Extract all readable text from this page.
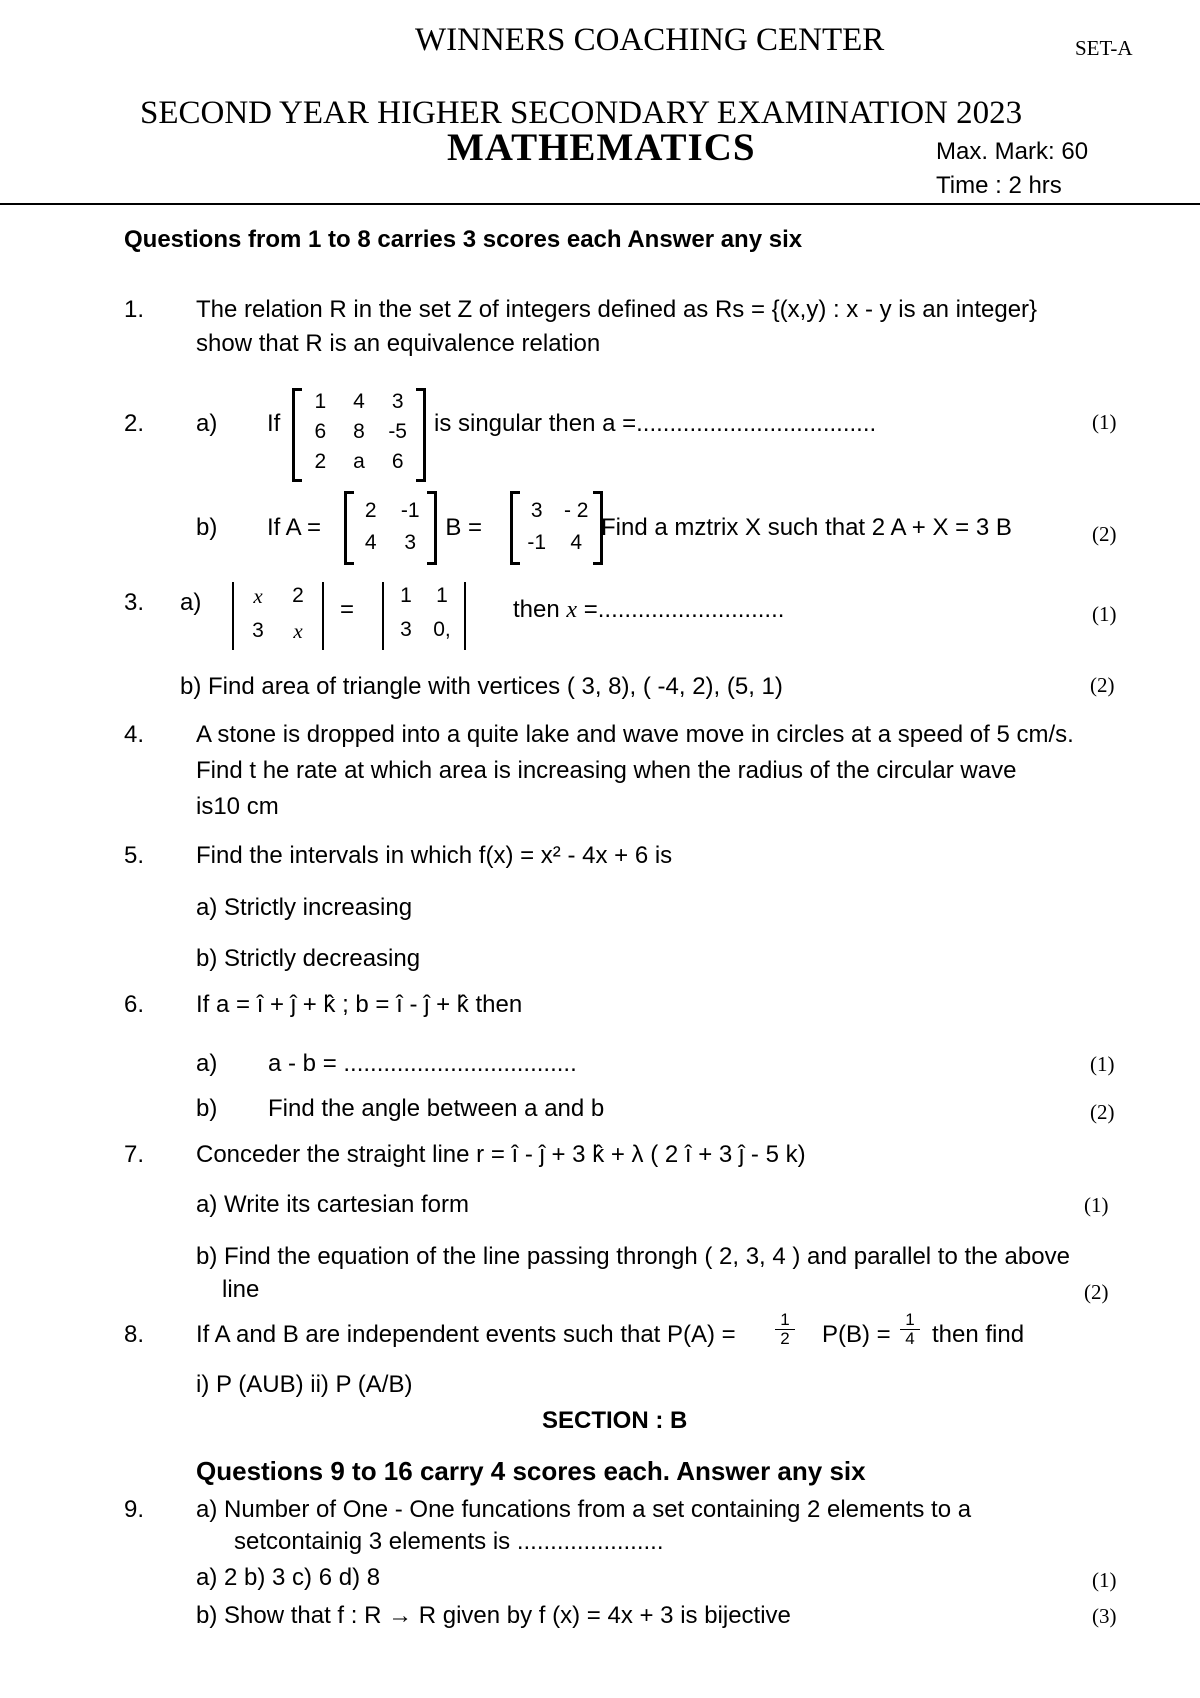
WINNERS COACHING CENTER	SET-A
SECOND YEAR HIGHER SECONDARY EXAMINATION 2023
MATHEMATICS	Max. Mark: 60
Time : 2 hrs
Questions from 1 to 8 carries 3 scores each Answer any six
1. The relation R in the set Z of integers defined as Rs = {(x,y) : x - y is an integer}
show that R is an equivalence relation
2. a) If
1	4	3
6	8	-5
2	a	6
is singular then a =....................................	(1)
b) If A =
2	-1
4	3
; B =
3	- 2
-1	4
Find a mztrix X such that 2 A + X = 3 B	(2)
3. a)	x	2
3	x
=
1	1
3	0,
then x =............................	(1)
b) Find area of triangle with vertices ( 3, 8), ( -4, 2), (5, 1)	(2)
4. A stone is dropped into a quite lake and wave move in circles at a speed of 5 cm/s.
Find t he rate at which area is increasing when the radius of the circular wave
is10 cm
5. Find the intervals in which f(x) = x² - 4x + 6 is
a) Strictly increasing
b) Strictly decreasing
6. If a = î + ĵ + k̂ ; b = î - ĵ + k̂ then
a) a - b = ...................................	(1)
b) Find the angle between a and b	(2)
7. Conceder the straight line r = î - ĵ + 3 k̂ + λ ( 2 î + 3 ĵ - 5 k)
a) Write its cartesian form	(1)
b) Find the equation of the line passing throngh ( 2, 3, 4 ) and parallel to the above
line	(2)
8. If A and B are independent events such that P(A) =
1
2	P(B) =
1
4 then find
i) P (AUB) ii) P (A/B)
SECTION : B
Questions 9 to 16 carry 4 scores each. Answer any six
9. a) Number of One - One funcations from a set containing 2 elements to a
setcontainig 3 elements is ......................
a) 2 b) 3 c) 6 d) 8	(1)
b) Show that f : R → R given by f (x) = 4x + 3 is bijective	(3)
